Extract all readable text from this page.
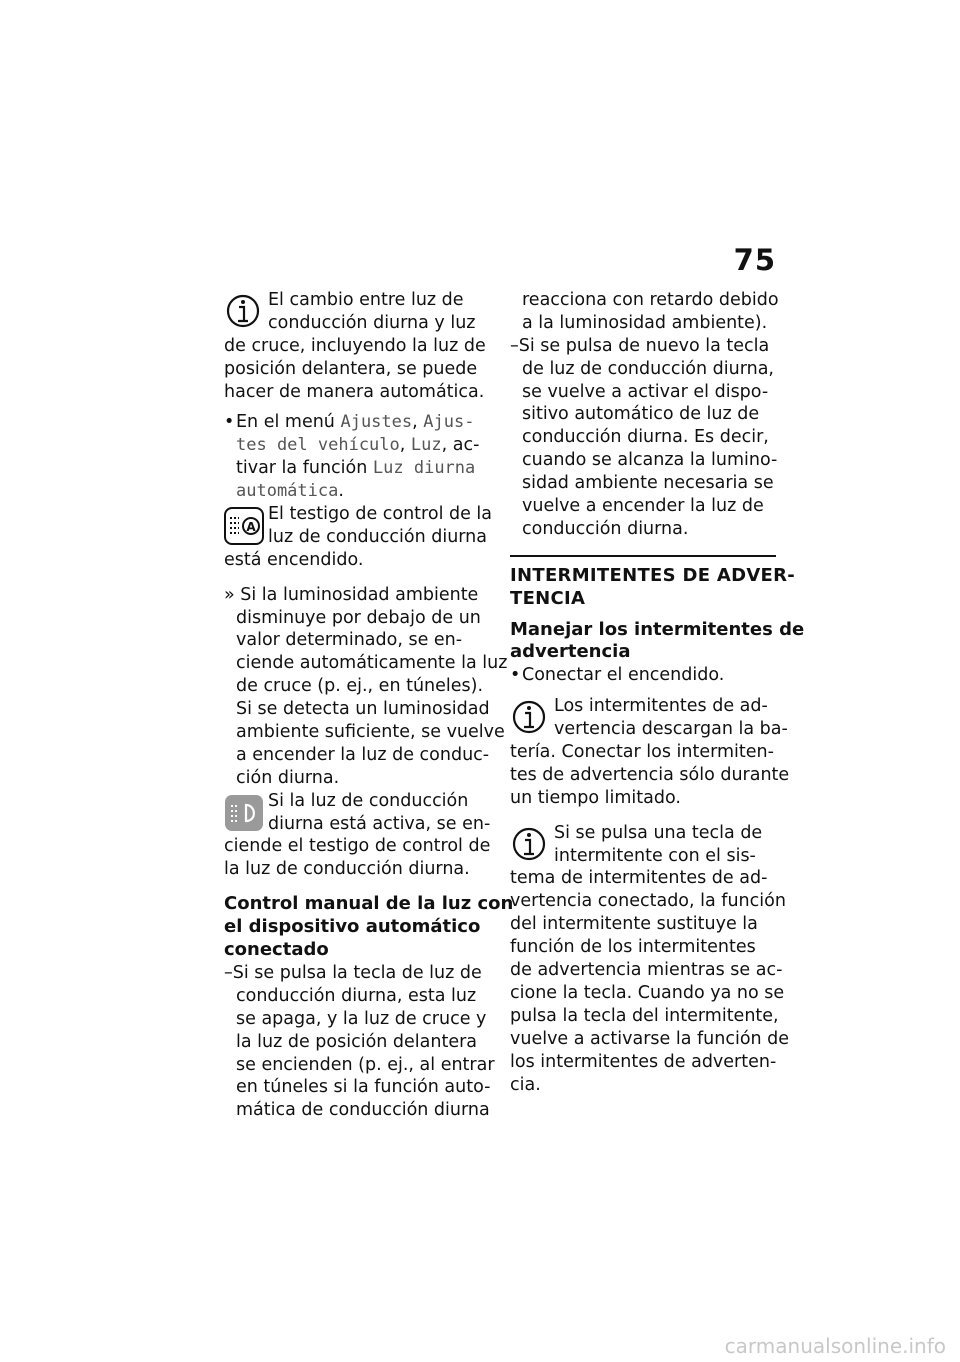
75
El cambio entre luz de
conducción diurna y luz
de cruce, incluyendo la luz de
posición delantera, se puede
hacer de manera automática.
•En el menú Ajustes, Ajus-
tes del vehículo, Luz, ac-
tivar la función Luz diurna
automática.
A
El testigo de control de la
luz de conducción diurna
está encendido.
» Si la luminosidad ambiente
disminuye por debajo de un
valor determinado, se en-
ciende automáticamente la luz
de cruce (p. ej., en túneles).
Si se detecta un luminosidad
ambiente suficiente, se vuelve
a encender la luz de conduc-
ción diurna.
Si la luz de conducción
diurna está activa, se en-
ciende el testigo de control de
la luz de conducción diurna.
Control manual de la luz con
el dispositivo automático
conectado
–Si se pulsa la tecla de luz de
conducción diurna, esta luz
se apaga, y la luz de cruce y
la luz de posición delantera
se encienden (p. ej., al entrar
en túneles si la función auto-
mática de conducción diurna
reacciona con retardo debido
a la luminosidad ambiente).
–Si se pulsa de nuevo la tecla
de luz de conducción diurna,
se vuelve a activar el dispo-
sitivo automático de luz de
conducción diurna. Es decir,
cuando se alcanza la lumino-
sidad ambiente necesaria se
vuelve a encender la luz de
conducción diurna.
INTERMITENTES DE ADVER-
TENCIA
Manejar los intermitentes de
advertencia
•Conectar el encendido.
Los intermitentes de ad-
vertencia descargan la ba-
tería. Conectar los intermiten-
tes de advertencia sólo durante
un tiempo limitado.
Si se pulsa una tecla de
intermitente con el sis-
tema de intermitentes de ad-
vertencia conectado, la función
del intermitente sustituye la
función de los intermitentes
de advertencia mientras se ac-
cione la tecla. Cuando ya no se
pulsa la tecla del intermitente,
vuelve a activarse la función de
los intermitentes de adverten-
cia.
carmanualsonline.info
